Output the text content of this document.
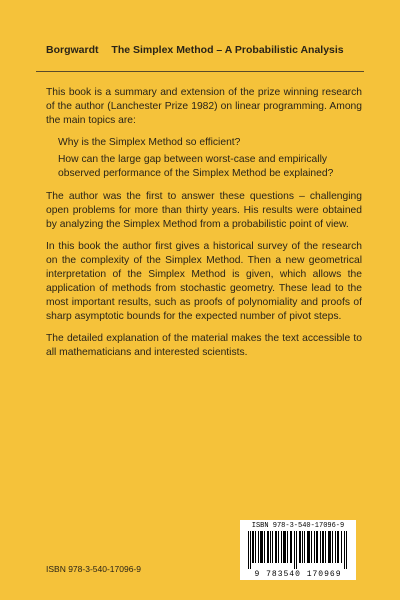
Borgwardt The Simplex Method – A Probabilistic Analysis

This book is a summary and extension of the prize winning research of the author (Lanchester Prize 1982) on linear programming. Among the main topics are:

Why is the Simplex Method so efficient?
How can the large gap between worst-case and empirically observed performance of the Simplex Method be explained?

The author was the first to answer these questions – challenging open problems for more than thirty years. His results were obtained by analyzing the Simplex Method from a probabilistic point of view.

In this book the author first gives a historical survey of the research on the complexity of the Simplex Method. Then a new geometrical interpretation of the Simplex Method is given, which allows the application of methods from stochastic geometry. These lead to the most important results, such as proofs of polynomiality and proofs of sharp asymptotic bounds for the expected number of pivot steps.

The detailed explanation of the material makes the text accessible to all mathematicians and interested scientists.

ISBN 978-3-540-17096-9
ISBN 978-3-540-17096-9
9 783540 170969
